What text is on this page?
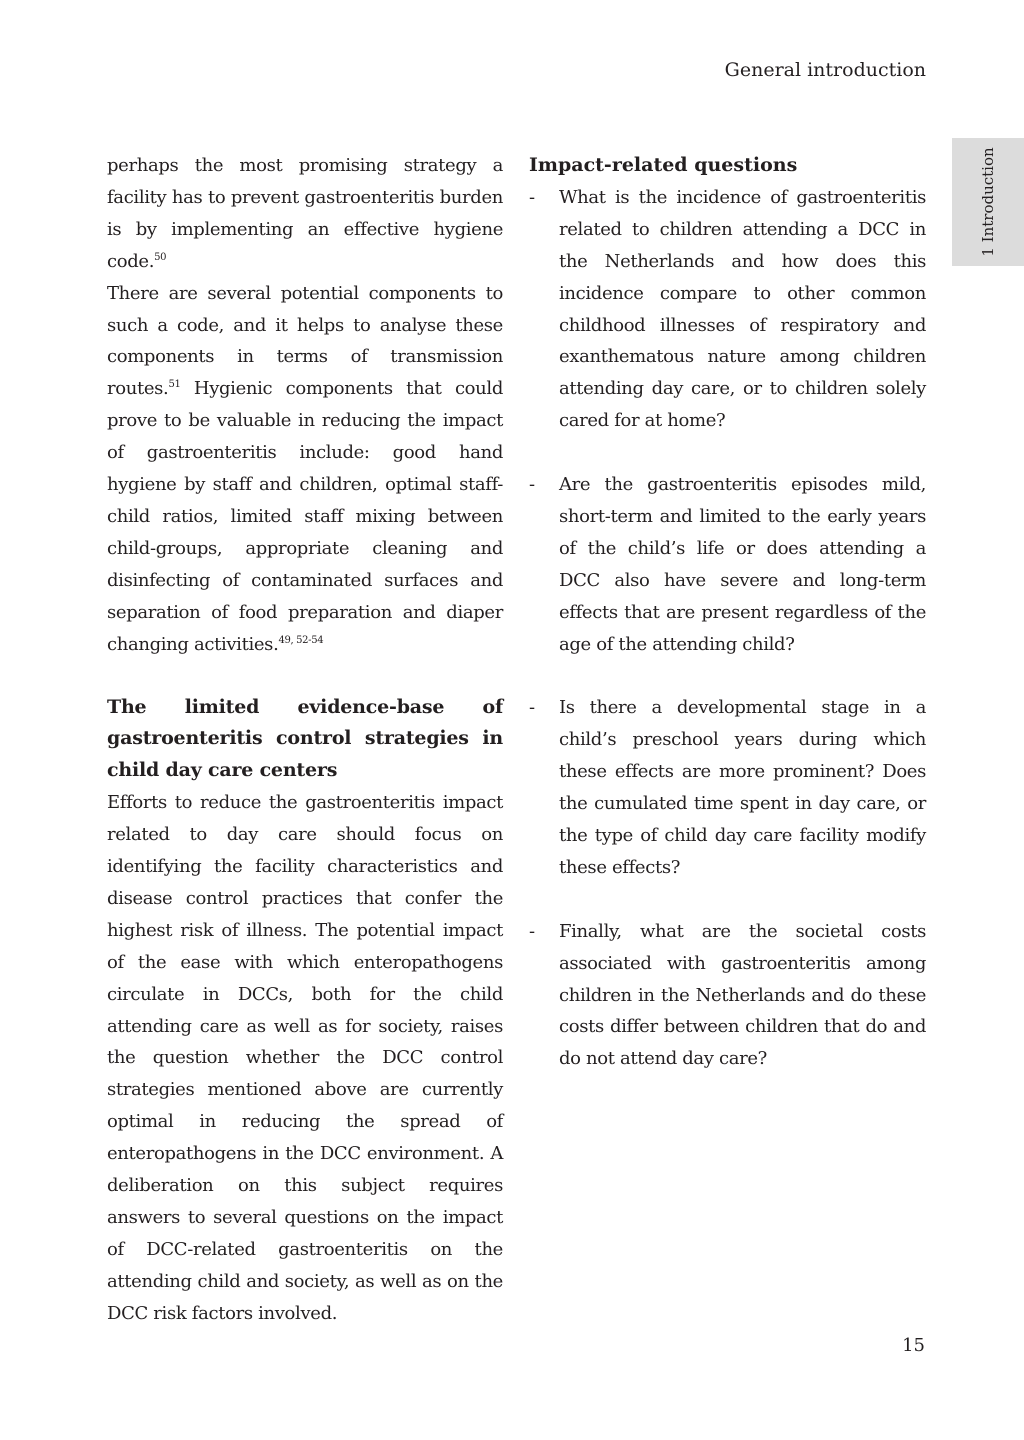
General introduction

1 Introduction

perhaps the most promising strategy a facility has to prevent gastroenteritis burden is by implementing an effective hygiene code.$^{50}$

There are several potential components to such a code, and it helps to analyse these components in terms of transmission routes.$^{51}$ Hygienic components that could prove to be valuable in reducing the impact of gastroenteritis include: good hand hygiene by staff and children, optimal staff-child ratios, limited staff mixing between child-groups, appropriate cleaning and disinfecting of contaminated surfaces and separation of food preparation and diaper changing activities.$^{49, 52-54}$

The limited evidence-base of gastroenteritis control strategies in child day care centers

Efforts to reduce the gastroenteritis impact related to day care should focus on identifying the facility characteristics and disease control practices that confer the highest risk of illness. The potential impact of the ease with which enteropathogens circulate in DCCs, both for the child attending care as well as for society, raises the question whether the DCC control strategies mentioned above are currently optimal in reducing the spread of enteropathogens in the DCC environment. A deliberation on this subject requires answers to several questions on the impact of DCC-related gastroenteritis on the attending child and society, as well as on the DCC risk factors involved.

Impact-related questions
- What is the incidence of gastroenteritis related to children attending a DCC in the Netherlands and how does this incidence compare to other common childhood illnesses of respiratory and exanthematous nature among children attending day care, or to children solely cared for at home?

- Are the gastroenteritis episodes mild, short-term and limited to the early years of the child’s life or does attending a DCC also have severe and long-term effects that are present regardless of the age of the attending child?

- Is there a developmental stage in a child’s preschool years during which these effects are more prominent? Does the cumulated time spent in day care, or the type of child day care facility modify these effects?

- Finally, what are the societal costs associated with gastroenteritis among children in the Netherlands and do these costs differ between children that do and do not attend day care?

15
